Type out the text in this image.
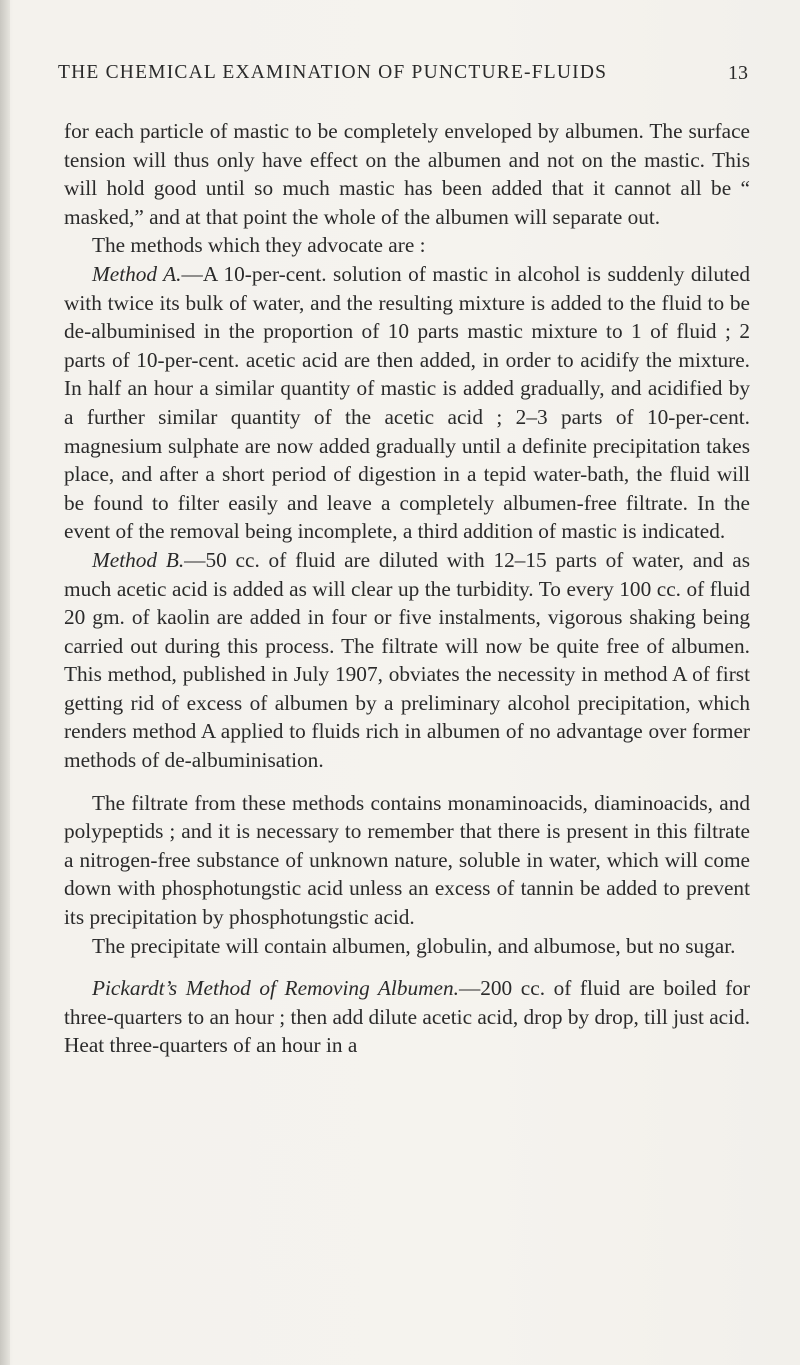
THE CHEMICAL EXAMINATION OF PUNCTURE-FLUIDS	13

for each particle of mastic to be completely enveloped by albumen. The surface tension will thus only have effect on the albumen and not on the mastic. This will hold good until so much mastic has been added that it cannot all be “ masked,” and at that point the whole of the albumen will separate out.

The methods which they advocate are :

Method A.—A 10-per-cent. solution of mastic in alcohol is suddenly diluted with twice its bulk of water, and the resulting mixture is added to the fluid to be de-albuminised in the proportion of 10 parts mastic mixture to 1 of fluid ; 2 parts of 10-per-cent. acetic acid are then added, in order to acidify the mixture. In half an hour a similar quantity of mastic is added gradually, and acidified by a further similar quantity of the acetic acid ; 2–3 parts of 10-per-cent. magnesium sulphate are now added gradually until a definite precipitation takes place, and after a short period of digestion in a tepid water-bath, the fluid will be found to filter easily and leave a completely albumen-free filtrate. In the event of the removal being incomplete, a third addition of mastic is indicated.

Method B.—50 cc. of fluid are diluted with 12–15 parts of water, and as much acetic acid is added as will clear up the turbidity. To every 100 cc. of fluid 20 gm. of kaolin are added in four or five instalments, vigorous shaking being carried out during this process. The filtrate will now be quite free of albumen. This method, published in July 1907, obviates the necessity in method A of first getting rid of excess of albumen by a preliminary alcohol precipitation, which renders method A applied to fluids rich in albumen of no advantage over former methods of de-albuminisation.

The filtrate from these methods contains monaminoacids, diaminoacids, and polypeptids ; and it is necessary to remember that there is present in this filtrate a nitrogen-free substance of unknown nature, soluble in water, which will come down with phosphotungstic acid unless an excess of tannin be added to prevent its precipitation by phosphotungstic acid.

The precipitate will contain albumen, globulin, and albumose, but no sugar.

Pickardt’s Method of Removing Albumen.—200 cc. of fluid are boiled for three-quarters to an hour ; then add dilute acetic acid, drop by drop, till just acid. Heat three-quarters of an hour in a
